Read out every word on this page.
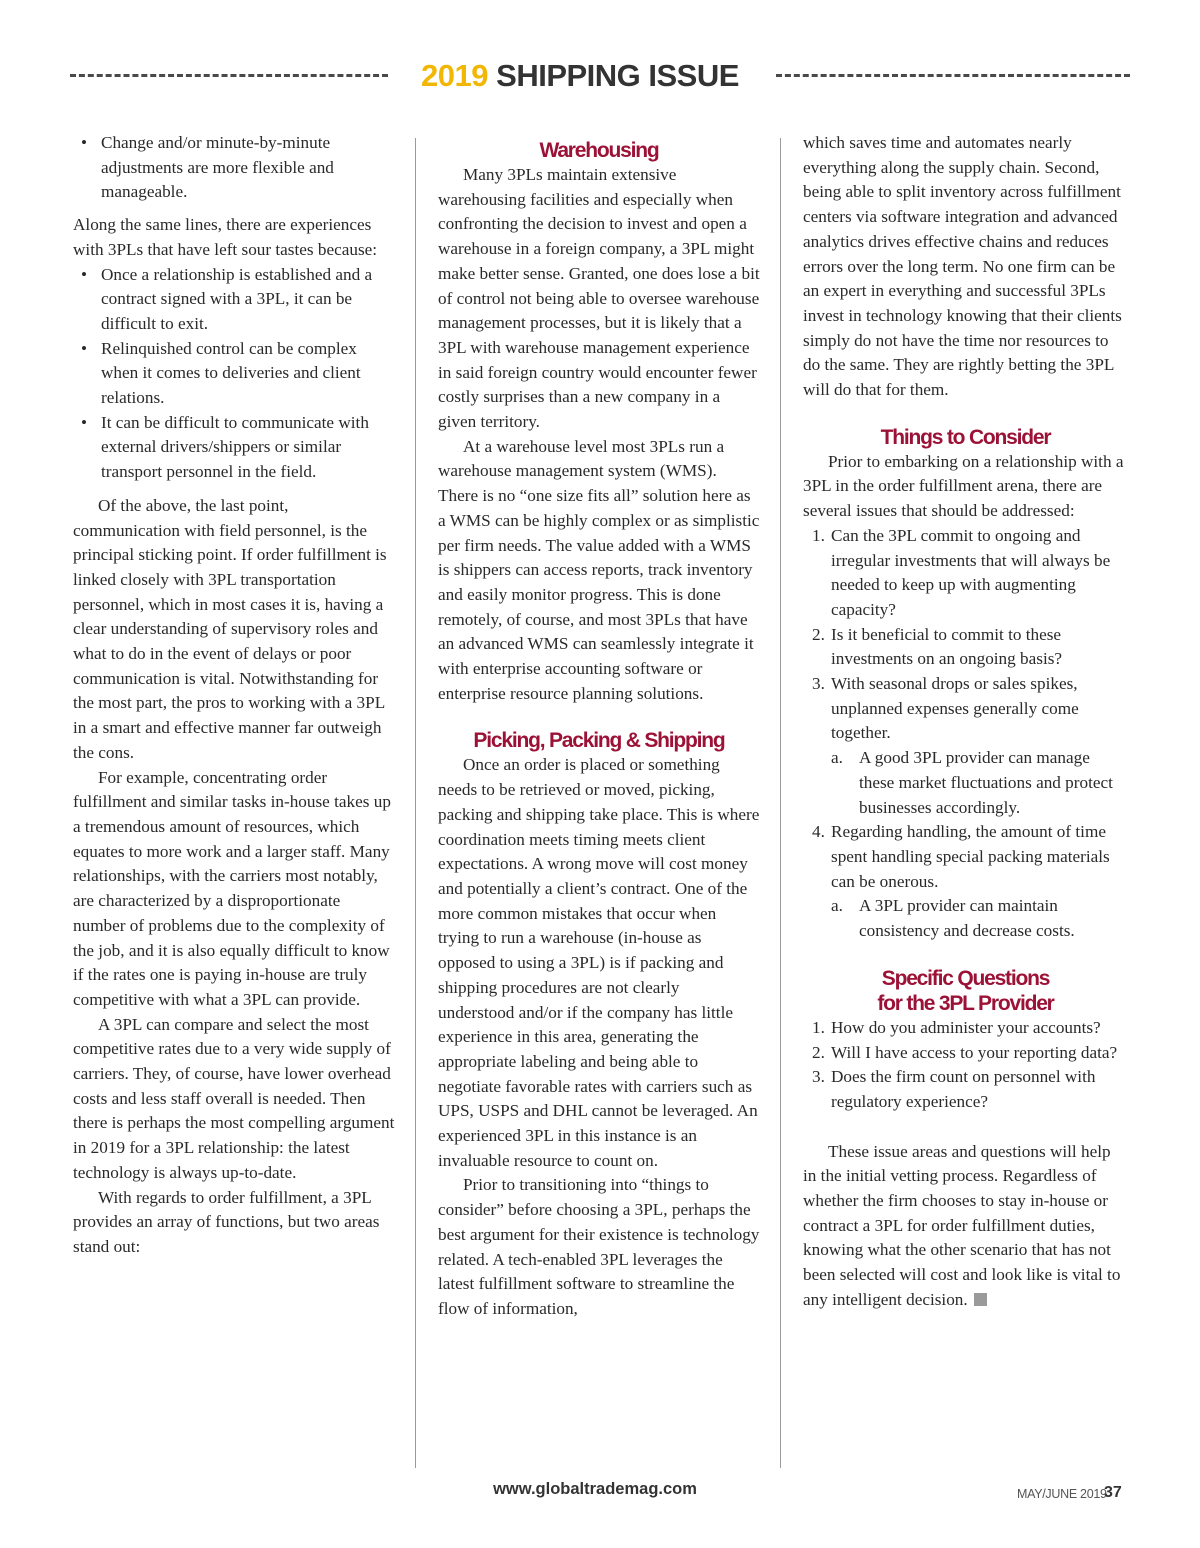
2019 SHIPPING ISSUE
• Change and/or minute-by-minute adjustments are more flexible and manageable.

Along the same lines, there are experiences with 3PLs that have left sour tastes because:

• Once a relationship is established and a contract signed with a 3PL, it can be difficult to exit.
• Relinquished control can be complex when it comes to deliveries and client relations.
• It can be difficult to communicate with external drivers/shippers or similar transport personnel in the field.

Of the above, the last point, communication with field personnel, is the principal sticking point. If order fulfillment is linked closely with 3PL transportation personnel, which in most cases it is, having a clear understanding of supervisory roles and what to do in the event of delays or poor communication is vital. Notwithstanding for the most part, the pros to working with a 3PL in a smart and effective manner far outweigh the cons.

For example, concentrating order fulfillment and similar tasks in-house takes up a tremendous amount of resources, which equates to more work and a larger staff. Many relationships, with the carriers most notably, are characterized by a disproportionate number of problems due to the complexity of the job, and it is also equally difficult to know if the rates one is paying in-house are truly competitive with what a 3PL can provide.

A 3PL can compare and select the most competitive rates due to a very wide supply of carriers. They, of course, have lower overhead costs and less staff overall is needed. Then there is perhaps the most compelling argument in 2019 for a 3PL relationship: the latest technology is always up-to-date.

With regards to order fulfillment, a 3PL provides an array of functions, but two areas stand out:

Warehousing

Many 3PLs maintain extensive warehousing facilities and especially when confronting the decision to invest and open a warehouse in a foreign company, a 3PL might make better sense. Granted, one does lose a bit of control not being able to oversee warehouse management processes, but it is likely that a 3PL with warehouse management experience in said foreign country would encounter fewer costly surprises than a new company in a given territory.

At a warehouse level most 3PLs run a warehouse management system (WMS). There is no “one size fits all” solution here as a WMS can be highly complex or as simplistic per firm needs. The value added with a WMS is shippers can access reports, track inventory and easily monitor progress. This is done remotely, of course, and most 3PLs that have an advanced WMS can seamlessly integrate it with enterprise accounting software or enterprise resource planning solutions.

Picking, Packing & Shipping

Once an order is placed or something needs to be retrieved or moved, picking, packing and shipping take place. This is where coordination meets timing meets client expectations. A wrong move will cost money and potentially a client’s contract. One of the more common mistakes that occur when trying to run a warehouse (in-house as opposed to using a 3PL) is if packing and shipping procedures are not clearly understood and/or if the company has little experience in this area, generating the appropriate labeling and being able to negotiate favorable rates with carriers such as UPS, USPS and DHL cannot be leveraged. An experienced 3PL in this instance is an invaluable resource to count on.

Prior to transitioning into “things to consider” before choosing a 3PL, perhaps the best argument for their existence is technology related. A tech-enabled 3PL leverages the latest fulfillment software to streamline the flow of information,

which saves time and automates nearly everything along the supply chain. Second, being able to split inventory across fulfillment centers via software integration and advanced analytics drives effective chains and reduces errors over the long term. No one firm can be an expert in everything and successful 3PLs invest in technology knowing that their clients simply do not have the time nor resources to do the same. They are rightly betting the 3PL will do that for them.

Things to Consider

Prior to embarking on a relationship with a 3PL in the order fulfillment arena, there are several issues that should be addressed:

1. Can the 3PL commit to ongoing and irregular investments that will always be needed to keep up with augmenting capacity?
2. Is it beneficial to commit to these investments on an ongoing basis?
3. With seasonal drops or sales spikes, unplanned expenses generally come together.
a. A good 3PL provider can manage these market fluctuations and protect businesses accordingly.
4. Regarding handling, the amount of time spent handling special packing materials can be onerous.
a. A 3PL provider can maintain consistency and decrease costs.
Specific Questions
for the 3PL Provider
1. How do you administer your accounts?
2. Will I have access to your reporting data?
3. Does the firm count on personnel with regulatory experience?

These issue areas and questions will help in the initial vetting process. Regardless of whether the firm chooses to stay in-house or contract a 3PL for order fulfillment duties, knowing what the other scenario that has not been selected will cost and look like is vital to any intelligent decision.

www.globaltrademag.com	MAY/JUNE 2019
37
